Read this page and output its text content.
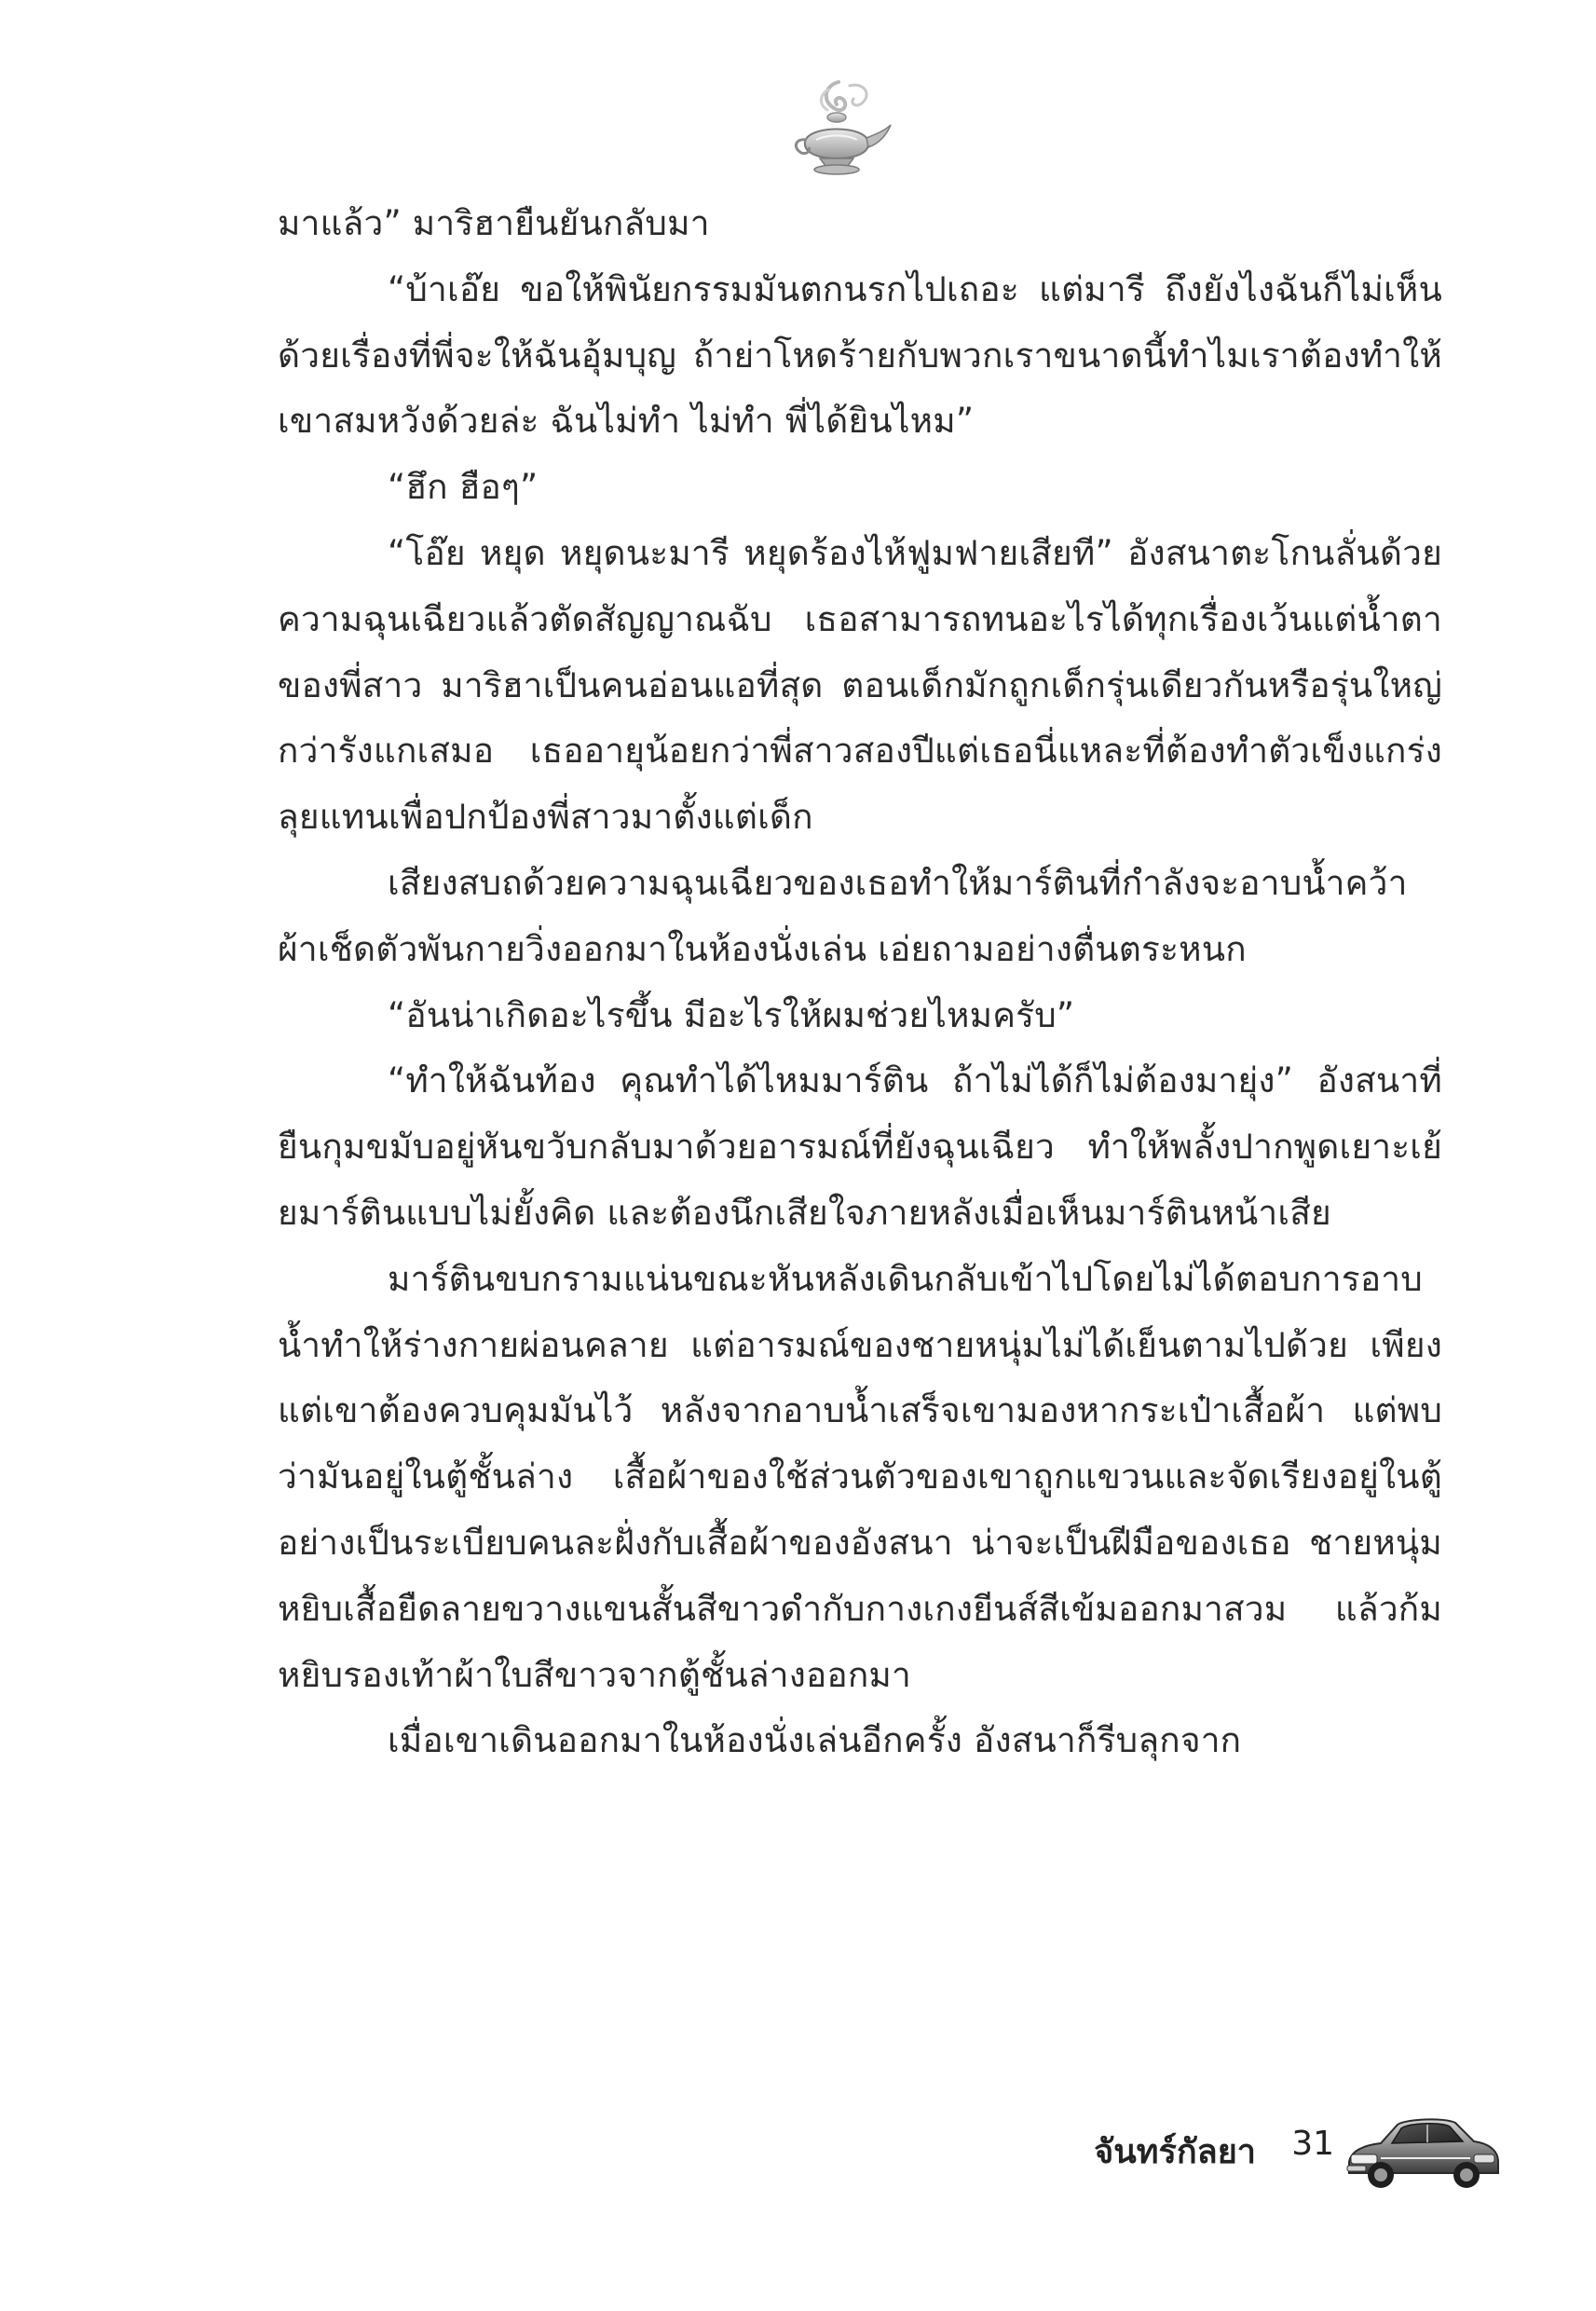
มาแล้ว” มาริฮายืนยันกลับมา

“บ้าเอ๊ย ขอให้พินัยกรรมมันตกนรกไปเถอะ แต่มารี ถึงยังไงฉันก็ไม่เห็นด้วยเรื่องที่พี่จะให้ฉันอุ้มบุญ ถ้าย่าโหดร้ายกับพวกเราขนาดนี้ทำไมเราต้องทำให้เขาสมหวังด้วยล่ะ ฉันไม่ทำ ไม่ทำ พี่ได้ยินไหม”

“ฮึก ฮือๆ”

“โอ๊ย หยุด หยุดนะมารี หยุดร้องไห้ฟูมฟายเสียที” อังสนาตะโกนลั่นด้วยความฉุนเฉียวแล้วตัดสัญญาณฉับ เธอสามารถทนอะไรได้ทุกเรื่องเว้นแต่น้ำตาของพี่สาว มาริฮาเป็นคนอ่อนแอที่สุด ตอนเด็กมักถูกเด็กรุ่นเดียวกันหรือรุ่นใหญ่กว่ารังแกเสมอ เธออายุน้อยกว่าพี่สาวสองปีแต่เธอนี่แหละที่ต้องทำตัวเข็งแกร่งลุยแทนเพื่อปกป้องพี่สาวมาตั้งแต่เด็ก

เสียงสบถด้วยความฉุนเฉียวของเธอทำให้มาร์ตินที่กำลังจะอาบน้ำคว้าผ้าเช็ดตัวพันกายวิ่งออกมาในห้องนั่งเล่น เอ่ยถามอย่างตื่นตระหนก

“อันน่าเกิดอะไรขึ้น มีอะไรให้ผมช่วยไหมครับ”

“ทำให้ฉันท้อง คุณทำได้ไหมมาร์ติน ถ้าไม่ได้ก็ไม่ต้องมายุ่ง” อังสนาที่ยืนกุมขมับอยู่หันขวับกลับมาด้วยอารมณ์ที่ยังฉุนเฉียว ทำให้พลั้งปากพูดเยาะเย้ยมาร์ตินแบบไม่ยั้งคิด และต้องนึกเสียใจภายหลังเมื่อเห็นมาร์ตินหน้าเสีย

มาร์ตินขบกรามแน่นขณะหันหลังเดินกลับเข้าไปโดยไม่ได้ตอบการอาบน้ำทำให้ร่างกายผ่อนคลาย แต่อารมณ์ของชายหนุ่มไม่ได้เย็นตามไปด้วย เพียงแต่เขาต้องควบคุมมันไว้ หลังจากอาบน้ำเสร็จเขามองหากระเป๋าเสื้อผ้า แต่พบว่ามันอยู่ในตู้ชั้นล่าง เสื้อผ้าของใช้ส่วนตัวของเขาถูกแขวนและจัดเรียงอยู่ในตู้อย่างเป็นระเบียบคนละฝั่งกับเสื้อผ้าของอังสนา น่าจะเป็นฝีมือของเธอ ชายหนุ่มหยิบเสื้อยืดลายขวางแขนสั้นสีขาวดำกับกางเกงยีนส์สีเข้มออกมาสวม แล้วก้มหยิบรองเท้าผ้าใบสีขาวจากตู้ชั้นล่างออกมา

เมื่อเขาเดินออกมาในห้องนั่งเล่นอีกครั้ง อังสนาก็รีบลุกจาก

จันทร์กัลยา 31
